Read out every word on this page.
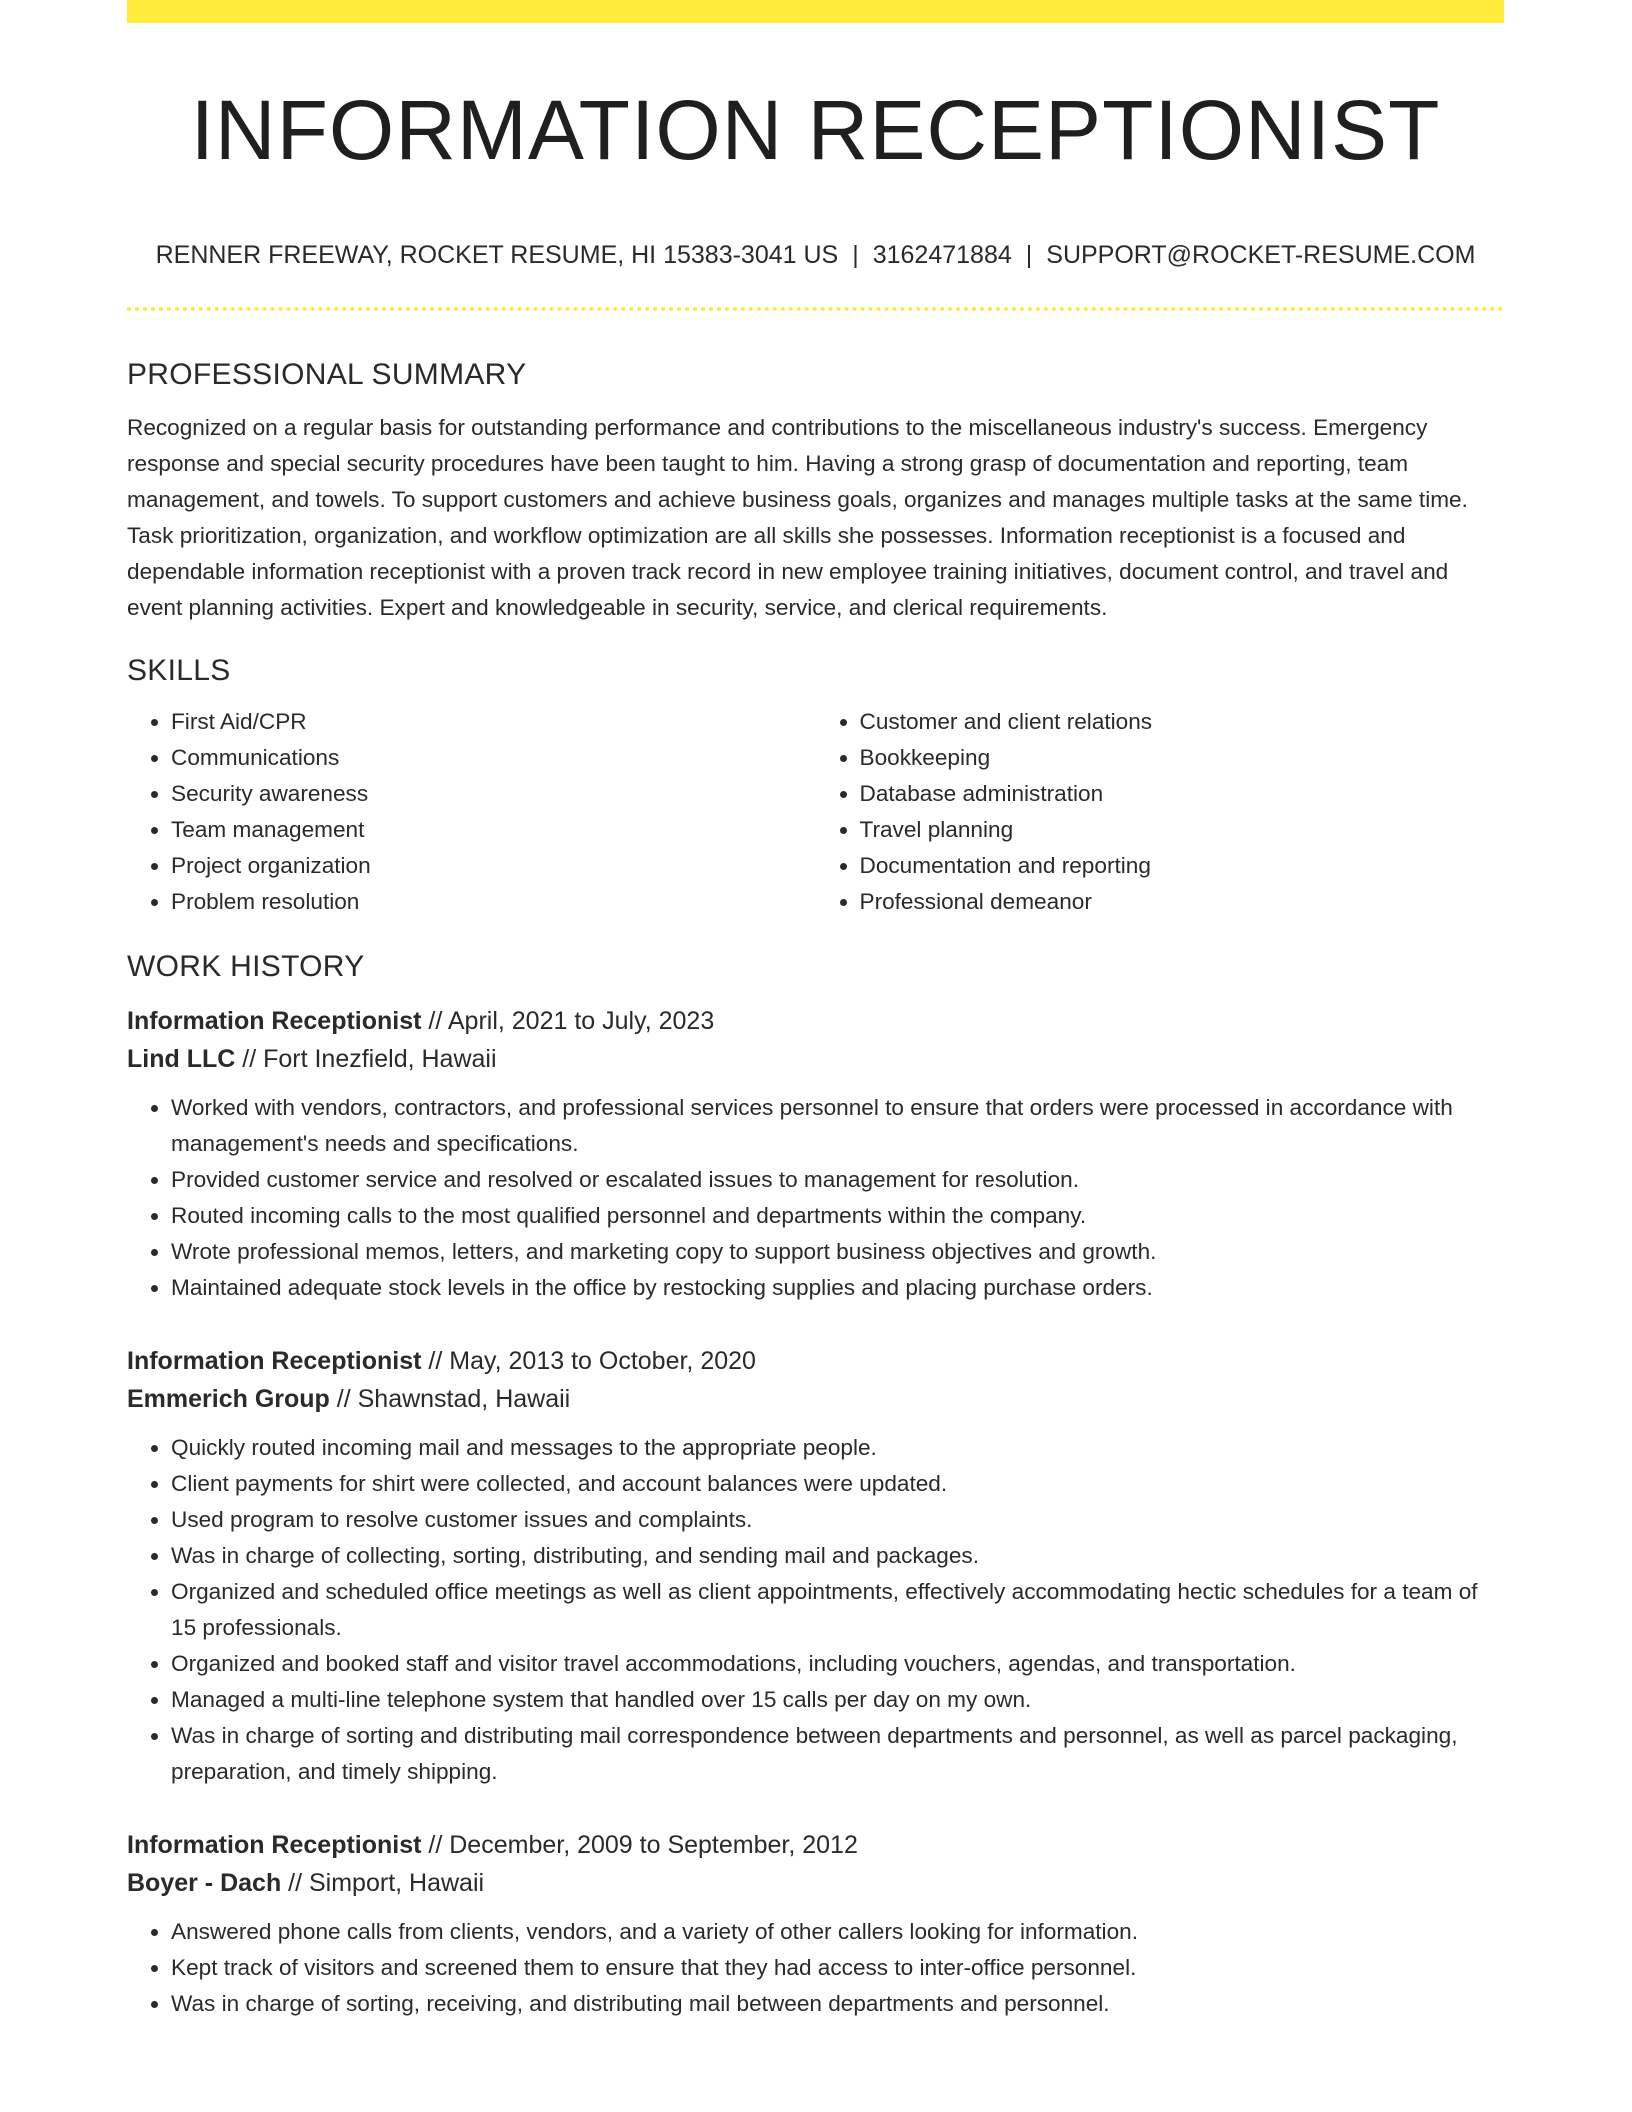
INFORMATION RECEPTIONIST
RENNER FREEWAY, ROCKET RESUME, HI 15383-3041 US | 3162471884 | SUPPORT@ROCKET-RESUME.COM
PROFESSIONAL SUMMARY

Recognized on a regular basis for outstanding performance and contributions to the miscellaneous industry's success. Emergency response and special security procedures have been taught to him. Having a strong grasp of documentation and reporting, team management, and towels. To support customers and achieve business goals, organizes and manages multiple tasks at the same time. Task prioritization, organization, and workflow optimization are all skills she possesses. Information receptionist is a focused and dependable information receptionist with a proven track record in new employee training initiatives, document control, and travel and event planning activities. Expert and knowledgeable in security, service, and clerical requirements.

SKILLS
• First Aid/CPR
• Communications
• Security awareness
• Team management
• Project organization
• Problem resolution
• Customer and client relations
• Bookkeeping
• Database administration
• Travel planning
• Documentation and reporting
• Professional demeanor
WORK HISTORY
Information Receptionist // April, 2021 to July, 2023
Lind LLC // Fort Inezfield, Hawaii
• Worked with vendors, contractors, and professional services personnel to ensure that orders were processed in accordance with management's needs and specifications.
• Provided customer service and resolved or escalated issues to management for resolution.
• Routed incoming calls to the most qualified personnel and departments within the company.
• Wrote professional memos, letters, and marketing copy to support business objectives and growth.
• Maintained adequate stock levels in the office by restocking supplies and placing purchase orders.
Information Receptionist // May, 2013 to October, 2020
Emmerich Group // Shawnstad, Hawaii
• Quickly routed incoming mail and messages to the appropriate people.
• Client payments for shirt were collected, and account balances were updated.
• Used program to resolve customer issues and complaints.
• Was in charge of collecting, sorting, distributing, and sending mail and packages.
• Organized and scheduled office meetings as well as client appointments, effectively accommodating hectic schedules for a team of 15 professionals.
• Organized and booked staff and visitor travel accommodations, including vouchers, agendas, and transportation.
• Managed a multi-line telephone system that handled over 15 calls per day on my own.
• Was in charge of sorting and distributing mail correspondence between departments and personnel, as well as parcel packaging, preparation, and timely shipping.
Information Receptionist // December, 2009 to September, 2012
Boyer - Dach // Simport, Hawaii
• Answered phone calls from clients, vendors, and a variety of other callers looking for information.
• Kept track of visitors and screened them to ensure that they had access to inter-office personnel.
• Was in charge of sorting, receiving, and distributing mail between departments and personnel.
